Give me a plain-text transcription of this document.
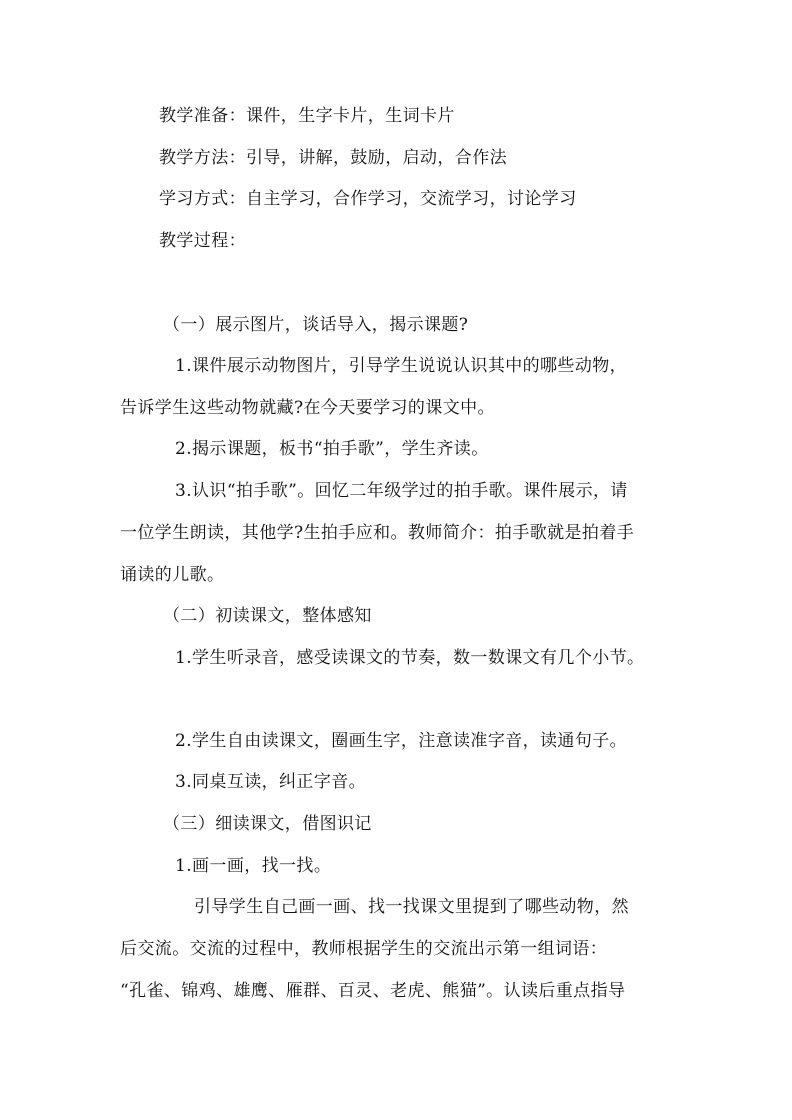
教学准备：课件，生字卡片，生词卡片
教学方法：引导，讲解，鼓励，启动，合作法
学习方式：自主学习，合作学习，交流学习，讨论学习
教学过程：
（一）展示图片，谈话导入，揭示课题?
1.课件展示动物图片，引导学生说说认识其中的哪些动物，
告诉学生这些动物就藏?在今天要学习的课文中。
2.揭示课题，板书“拍手歌”，学生齐读。
3.认识“拍手歌”。回忆二年级学过的拍手歌。课件展示，请
一位学生朗读，其他学?生拍手应和。教师简介：拍手歌就是拍着手
诵读的儿歌。
（二）初读课文，整体感知
1.学生听录音，感受读课文的节奏，数一数课文有几个小节。
2.学生自由读课文，圈画生字，注意读准字音，读通句子。
3.同桌互读，纠正字音。
（三）细读课文，借图识记
1.画一画，找一找。
引导学生自己画一画、找一找课文里提到了哪些动物，然
后交流。交流的过程中，教师根据学生的交流出示第一组词语：
“孔雀、锦鸡、雄鹰、雁群、百灵、老虎、熊猫”。认读后重点指导
